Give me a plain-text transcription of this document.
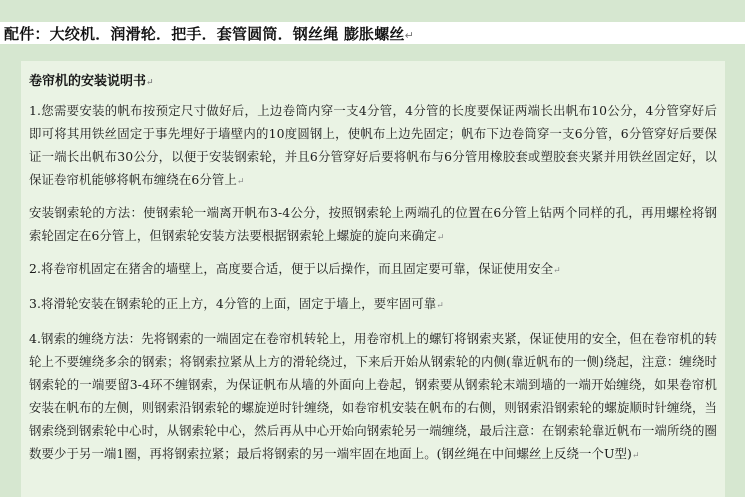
配件：大绞机．润滑轮．把手．套管圆筒．钢丝绳 膨胀螺丝↵
卷帘机的安装说明书↵

1.您需要安装的帆布按预定尺寸做好后，上边卷筒内穿一支4分管，4分管的长度要保证两端长出帆布10公分，4分管穿好后即可将其用铁丝固定于事先埋好于墙壁内的10度圆钢上，使帆布上边先固定；帆布下边卷筒穿一支6分管，6分管穿好后要保证一端长出帆布30公分，以便于安装钢索轮，并且6分管穿好后要将帆布与6分管用橡胶套或塑胶套夹紧并用铁丝固定好，以保证卷帘机能够将帆布缠绕在6分管上↵

安装钢索轮的方法：使钢索轮一端离开帆布3-4公分，按照钢索轮上两端孔的位置在6分管上钻两个同样的孔，再用螺栓将钢索轮固定在6分管上，但钢索轮安装方法要根据钢索轮上螺旋的旋向来确定↵

2.将卷帘机固定在猪舍的墙壁上，高度要合适，便于以后操作，而且固定要可靠，保证使用安全↵

3.将滑轮安装在钢索轮的正上方，4分管的上面，固定于墙上，要牢固可靠↵

4.钢索的缠绕方法：先将钢索的一端固定在卷帘机转轮上，用卷帘机上的螺钉将钢索夹紧，保证使用的安全，但在卷帘机的转轮上不要缠绕多余的钢索；将钢索拉紧从上方的滑轮绕过，下来后开始从钢索轮的内侧(靠近帆布的一侧)绕起，注意：缠绕时钢索轮的一端要留3-4环不缠钢索，为保证帆布从墙的外面向上卷起，钢索要从钢索轮末端到墙的一端开始缠绕，如果卷帘机安装在帆布的左侧，则钢索沿钢索轮的螺旋逆时针缠绕，如卷帘机安装在帆布的右侧，则钢索沿钢索轮的螺旋顺时针缠绕，当钢索绕到钢索轮中心时，从钢索轮中心，然后再从中心开始向钢索轮另一端缠绕，最后注意：在钢索轮靠近帆布一端所绕的圈数要少于另一端1圈，再将钢索拉紧；最后将钢索的另一端牢固在地面上。(钢丝绳在中间螺丝上反绕一个U型)↵
